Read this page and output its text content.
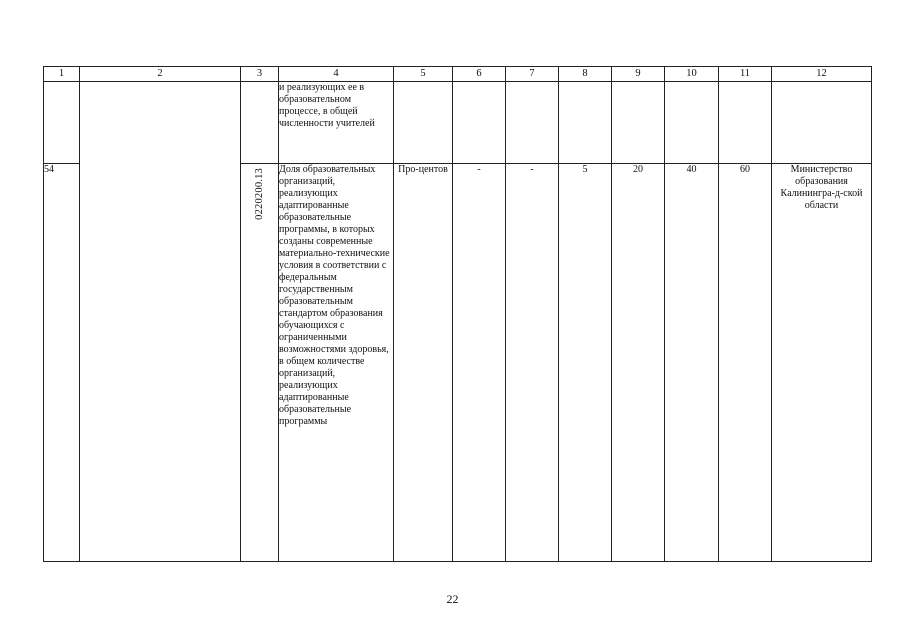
1	2	3	4	5	6	7	8	9	10	11	12
			и реализующих ее в образовательном процессе, в общей численности учителей								
54		0220200.13	Доля образовательных организаций, реализующих адаптированные образовательные программы, в которых созданы современные материально-технические условия в соответствии с федеральным государственным образовательным стандартом образования обучающихся с ограниченными возможностями здоровья, в общем количестве организаций, реализующих адаптированные образовательные программы	Про-центов	-	-	5	20	40	60	Министерство образования Калинингра-д-ской области
22
